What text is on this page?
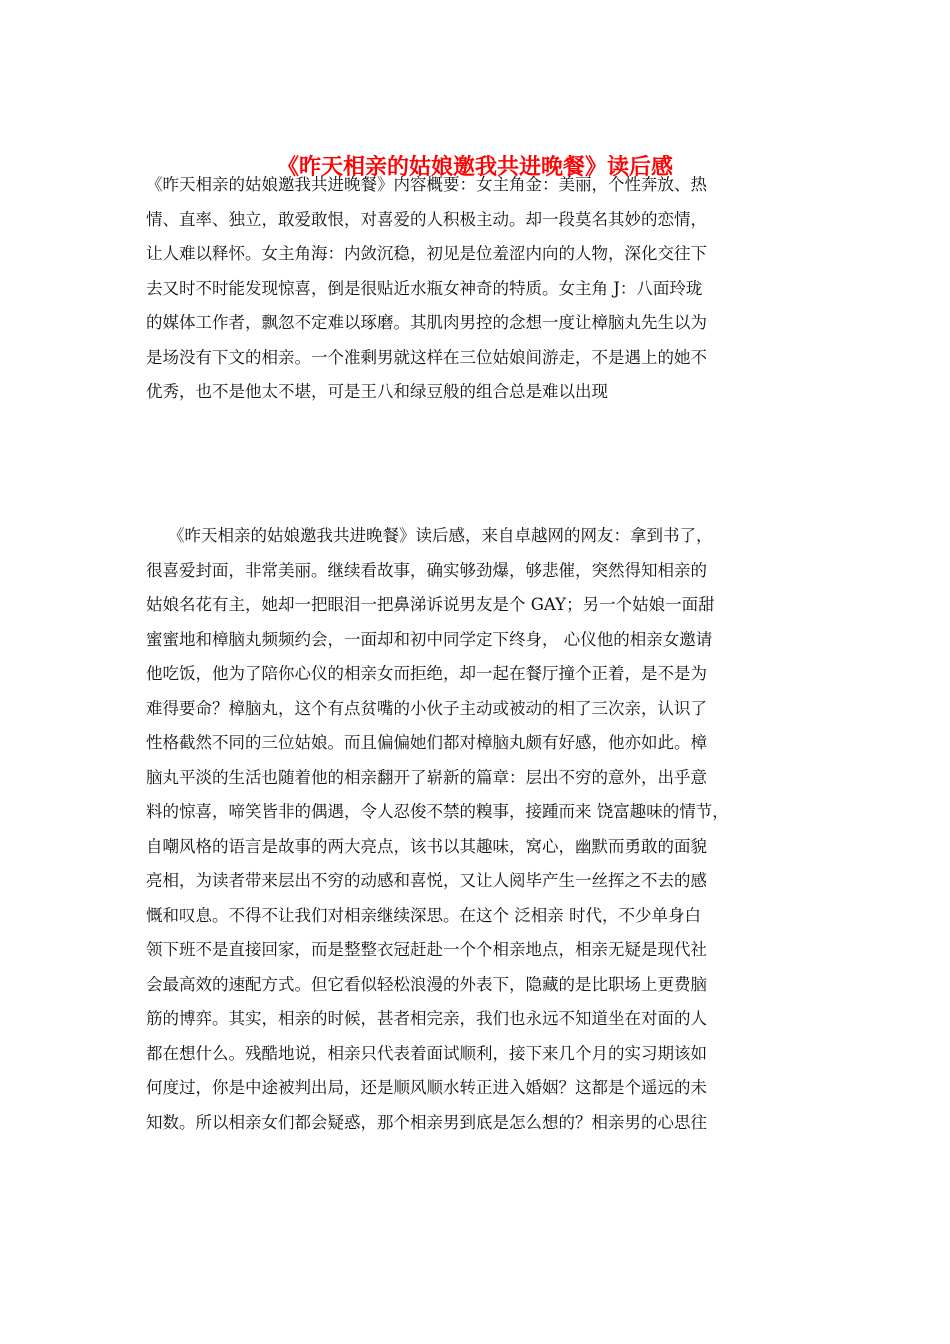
《昨天相亲的姑娘邀我共进晚餐》读后感
《昨天相亲的姑娘邀我共进晚餐》内容概要：女主角金：美丽，个性奔放、热
情、直率、独立，敢爱敢恨，对喜爱的人积极主动。却一段莫名其妙的恋情，
让人难以释怀。女主角海：内敛沉稳，初见是位羞涩内向的人物，深化交往下
去又时不时能发现惊喜，倒是很贴近水瓶女神奇的特质。女主角 J：八面玲珑
的媒体工作者，飘忽不定难以琢磨。其肌肉男控的念想一度让樟脑丸先生以为
是场没有下文的相亲。一个准剩男就这样在三位姑娘间游走，不是遇上的她不
优秀，也不是他太不堪，可是王八和绿豆般的组合总是难以出现
《昨天相亲的姑娘邀我共进晚餐》读后感，来自卓越网的网友：拿到书了，
很喜爱封面，非常美丽。继续看故事，确实够劲爆，够悲催，突然得知相亲的
姑娘名花有主，她却一把眼泪一把鼻涕诉说男友是个 GAY；另一个姑娘一面甜
蜜蜜地和樟脑丸频频约会，一面却和初中同学定下终身， 心仪他的相亲女邀请
他吃饭，他为了陪你心仪的相亲女而拒绝，却一起在餐厅撞个正着，是不是为
难得要命？樟脑丸，这个有点贫嘴的小伙子主动或被动的相了三次亲，认识了
性格截然不同的三位姑娘。而且偏偏她们都对樟脑丸颇有好感，他亦如此。樟
脑丸平淡的生活也随着他的相亲翻开了崭新的篇章：层出不穷的意外，出乎意
料的惊喜，啼笑皆非的偶遇，令人忍俊不禁的糗事，接踵而来 饶富趣味的情节，
自嘲风格的语言是故事的两大亮点，该书以其趣味，窝心，幽默而勇敢的面貌
亮相，为读者带来层出不穷的动感和喜悦，又让人阅毕产生一丝挥之不去的感
慨和叹息。不得不让我们对相亲继续深思。在这个 泛相亲 时代，不少单身白
领下班不是直接回家，而是整整衣冠赶赴一个个相亲地点，相亲无疑是现代社
会最高效的速配方式。但它看似轻松浪漫的外表下，隐藏的是比职场上更费脑
筋的博弈。其实，相亲的时候，甚者相完亲，我们也永远不知道坐在对面的人
都在想什么。残酷地说，相亲只代表着面试顺利，接下来几个月的实习期该如
何度过，你是中途被判出局，还是顺风顺水转正进入婚姻？这都是个遥远的未
知数。所以相亲女们都会疑惑，那个相亲男到底是怎么想的？相亲男的心思往
